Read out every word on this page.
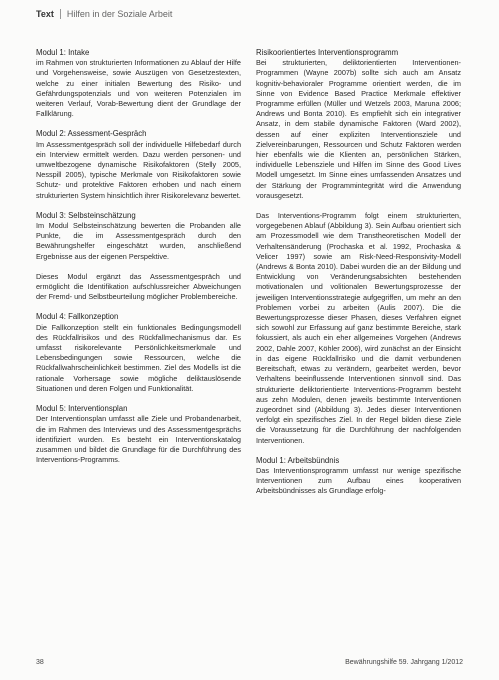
Text Hilfen in der Soziale Arbeit
Modul 1: Intake

im Rahmen von strukturierten Informationen zu Ablauf der Hilfe und Vorgehensweise, sowie Auszügen von Gesetzestexten, welche zu einer initialen Bewertung des Risiko- und Gefährdungspotenzials und von weiteren Potenzialen im weiteren Verlauf, Vorab-Bewertung dient der Grundlage der Fallklärung.

Modul 2: Assessment-Gespräch

Im Assessmentgespräch soll der individuelle Hilfebedarf durch ein Interview ermittelt werden. Dazu werden personen- und umweltbezogene dynamische Risikofaktoren (Stelly 2005, Nesspill 2005), typische Merkmale von Risikofaktoren sowie Schutz- und protektive Faktoren erhoben und nach einem strukturierten System hinsichtlich ihrer Risikorelevanz bewertet.

Modul 3: Selbsteinschätzung

Im Modul Selbsteinschätzung bewerten die Probanden alle Punkte, die im Assessmentgespräch durch den Bewährungshelfer eingeschätzt wurden, anschließend Ergebnisse aus der eigenen Perspektive.

Dieses Modul ergänzt das Assessmentgespräch und ermöglicht die Identifikation aufschlussreicher Abweichungen der Fremd- und Selbstbeurteilung möglicher Problembereiche.

Modul 4: Fallkonzeption

Die Fallkonzeption stellt ein funktionales Bedingungsmodell des Rückfallrisikos und des Rückfallmechanismus dar. Es umfasst risikorelevante Persönlichkeitsmerkmale und Lebensbedingungen sowie Ressourcen, welche die Rückfallwahrscheinlichkeit bestimmen. Ziel des Modells ist die rationale Vorhersage sowie mögliche deliktauslösende Situationen und deren Folgen und Funktionalität.

Modul 5: Interventionsplan

Der Interventionsplan umfasst alle Ziele und Probandenarbeit, die im Rahmen des Interviews und des Assessmentgesprächs identifiziert wurden. Es besteht ein Interventionskatalog zusammen und bildet die Grundlage für die Durchführung des Interventions-Programms.

Risikoorientiertes Interventionsprogramm

Bei strukturierten, deliktorientierten Interventionen-Programmen (Wayne 2007b) sollte sich auch am Ansatz kognitiv-behavioraler Programme orientiert werden, die im Sinne von Evidence Based Practice Merkmale effektiver Programme erfüllen (Müller und Wetzels 2003, Maruna 2006; Andrews und Bonta 2010). Es empfiehlt sich ein integrativer Ansatz, in dem stabile dynamische Faktoren (Ward 2002), dessen auf einer expliziten Interventionsziele und Zielvereinbarungen, Ressourcen und Schutz Faktoren werden hier ebenfalls wie die Klienten an, persönlichen Stärken, individuelle Lebensziele und Hilfen im Sinne des Good Lives Modell umgesetzt. Im Sinne eines umfassenden Ansatzes und der Stärkung der Programmintegrität wird die Anwendung vorausgesetzt.

Das Interventions-Programm folgt einem strukturierten, vorgegebenen Ablauf (Abbildung 3). Sein Aufbau orientiert sich am Prozessmodell wie dem Transtheoretischen Modell der Verhaltensänderung (Prochaska et al. 1992, Prochaska & Velicer 1997) sowie am Risk-Need-Responsivity-Modell (Andrews & Bonta 2010). Dabei wurden die an der Bildung und Entwicklung von Veränderungsabsichten bestehenden motivationalen und volitionalen Bewertungsprozesse der jeweiligen Interventionsstrategie aufgegriffen, um mehr an den Problemen vorbei zu arbeiten (Aulis 2007). Die die Bewertungsprozesse dieser Phasen, dieses Verfahren eignet sich sowohl zur Erfassung auf ganz bestimmte Bereiche, stark fokussiert, als auch ein eher allgemeines Vorgehen (Andrews 2002, Dahle 2007, Köhler 2006), wird zunächst an der Einsicht in das eigene Rückfallrisiko und die damit verbundenen Bereitschaft, etwas zu verändern, gearbeitet werden, bevor Verhaltens beeinflussende Interventionen sinnvoll sind. Das strukturierte deliktorientierte Interventions-Programm besteht aus zehn Modulen, denen jeweils bestimmte Interventionen zugeordnet sind (Abbildung 3). Jedes dieser Interventionen verfolgt ein spezifisches Ziel. In der Regel bilden diese Ziele die Voraussetzung für die Durchführung der nachfolgenden Interventionen.

Modul 1: Arbeitsbündnis

Das Interventionsprogramm umfasst nur wenige spezifische Interventionen zum Aufbau eines kooperativen Arbeitsbündnisses als Grundlage erfolg-

38	Bewährungshilfe 59. Jahrgang 1/2012
